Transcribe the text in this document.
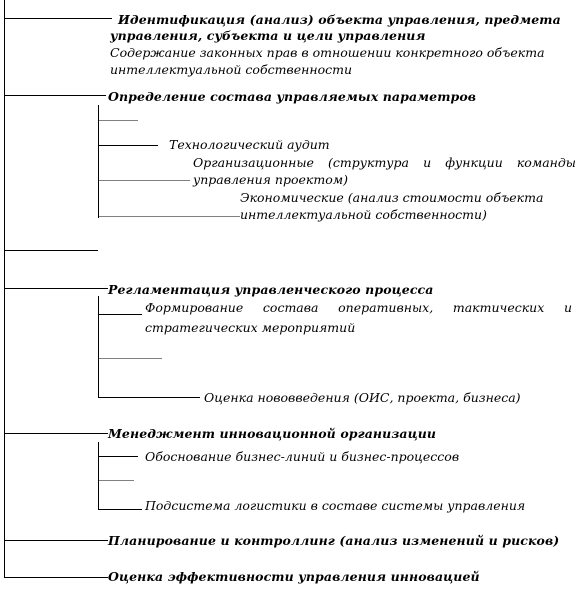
Идентификация (анализ) объекта управления, предмета
управления, субъекта и цели управления
Содержание законных прав в отношении конкретного объекта
интеллектуальной собственности
Определение состава управляемых параметров
Технологический аудит
Организационные (структура и функции команды
управления проектом)
Экономические (анализ стоимости объекта
интеллектуальной собственности)
Регламентация управленческого процесса
Формирование состава оперативных, тактических и
стратегических мероприятий
Оценка нововведения (ОИС, проекта, бизнеса)
Менеджмент инновационной организации
Обоснование бизнес-линий и бизнес-процессов
Подсистема логистики в составе системы управления
Планирование и контроллинг (анализ изменений и рисков)
Оценка эффективности управления инновацией
